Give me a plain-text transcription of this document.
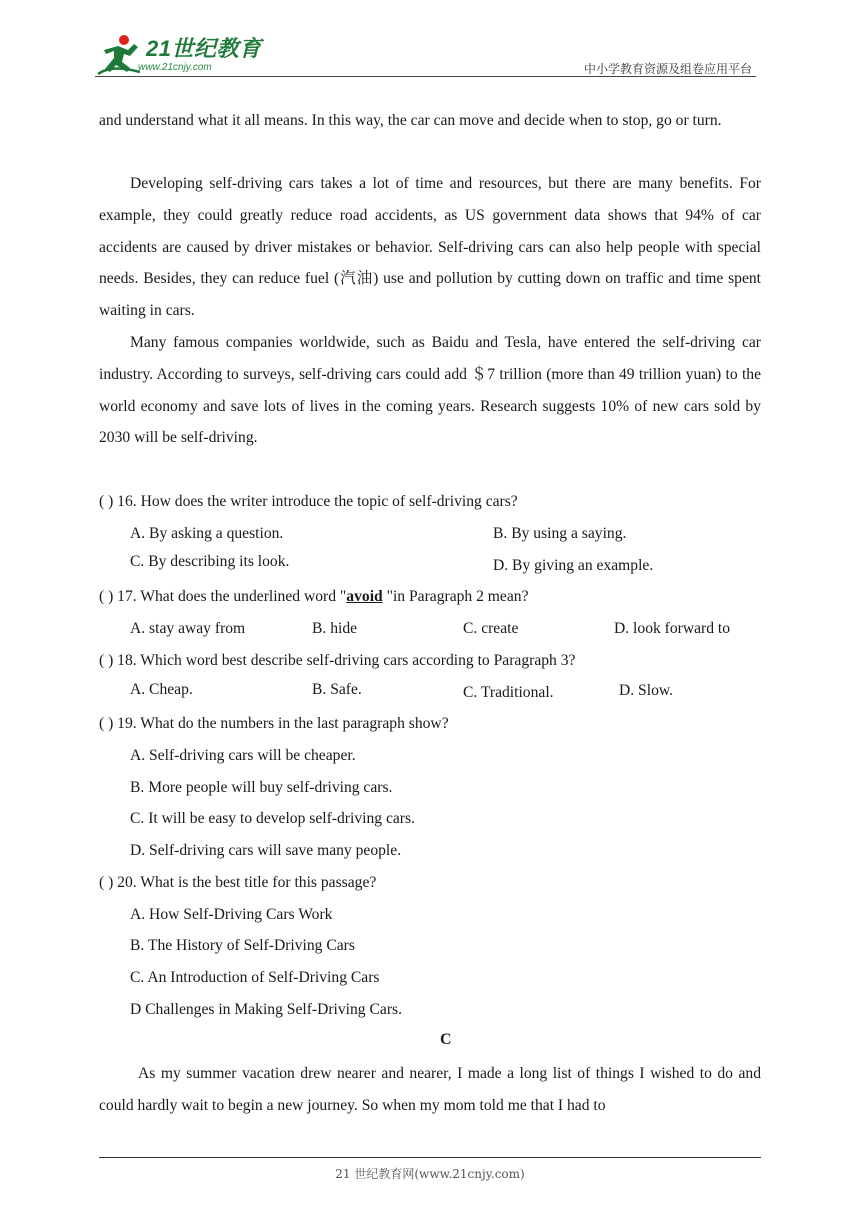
21世纪教育
www.21cnjy.com	中小学教育资源及组卷应用平台
and understand what it all means. In this way, the car can move and decide when to stop, go or turn.
Developing self-driving cars takes a lot of time and resources, but there are many benefits. For example, they could greatly reduce road accidents, as US government data shows that 94% of car accidents are caused by driver mistakes or behavior. Self-driving cars can also help people with special needs. Besides, they can reduce fuel (汽油) use and pollution by cutting down on traffic and time spent waiting in cars.
Many famous companies worldwide, such as Baidu and Tesla, have entered the self-driving car industry. According to surveys, self-driving cars could add ＄7 trillion (more than 49 trillion yuan) to the world economy and save lots of lives in the coming years. Research suggests 10% of new cars sold by 2030 will be self-driving.
( ) 16. How does the writer introduce the topic of self-driving cars?
A. By asking a question.	B. By using a saying.
C. By describing its look.	D. By giving an example.
( ) 17. What does the underlined word "avoid "in Paragraph 2 mean?
A. stay away from	B. hide	C. create	D. look forward to
( ) 18. Which word best describe self-driving cars according to Paragraph 3?
A. Cheap.	B. Safe.	C. Traditional.	D. Slow.
( ) 19. What do the numbers in the last paragraph show?
A. Self-driving cars will be cheaper.
B. More people will buy self-driving cars.
C. It will be easy to develop self-driving cars.
D. Self-driving cars will save many people.
( ) 20. What is the best title for this passage?
A. How Self-Driving Cars Work
B. The History of Self-Driving Cars
C. An Introduction of Self-Driving Cars
D Challenges in Making Self-Driving Cars.
C
As my summer vacation drew nearer and nearer, I made a long list of things I wished to do and could hardly wait to begin a new journey. So when my mom told me that I had to
21 世纪教育网(www.21cnjy.com)
